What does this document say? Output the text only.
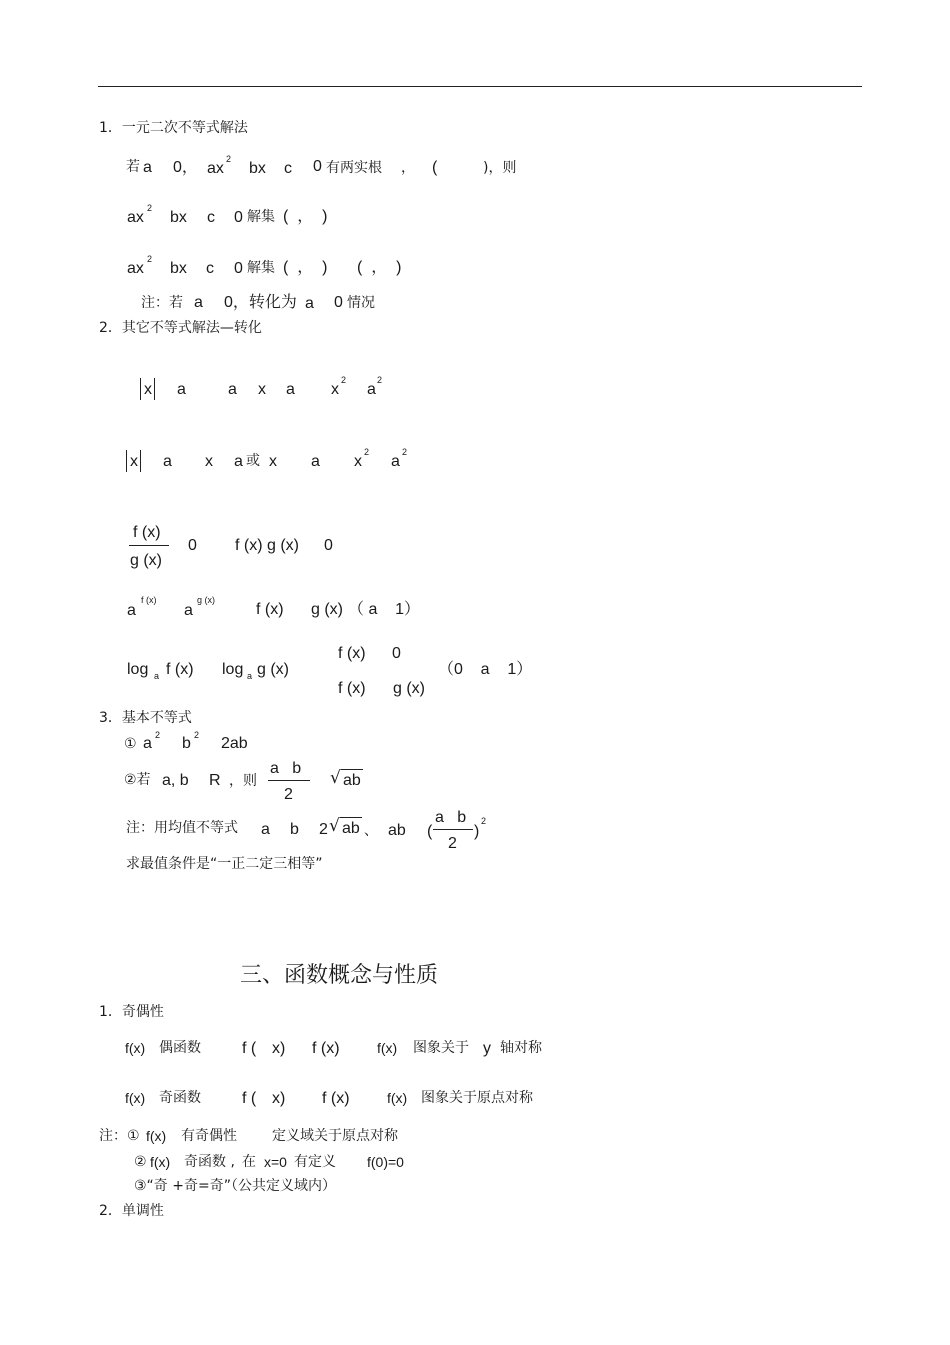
1．一元二次不等式解法
若 a 0， ax
2
bx c 0 有两实根 ， (	)，则
ax
2
bx c 0 解集 (  ，  )
ax
2
bx c 0 解集 (  ，  ) (  ，  )
注：若 a 0，转化为 a 0 情况
2．其它不等式解法—转化
x a	a x a x
2
a
2
x a x a 或 x a x
2
a
2
f (x)
g (x)
0 f (x) g (x) 0
a
f (x)
a
g (x)
f (x) g (x) （ a    1）
log a f (x) log a g (x)
f (x) 0
f (x) g (x)
（0    a    1）
3．基本不等式
① a 2 b 2 2ab
②若 a, b R ，则
a   b
2
√ ab
注：用均值不等式 a b 2 √ ab 、 ab (
a   b
2
)
2
求最值条件是“一正二定三相等”
三、函数概念与性质
1．奇偶性
f(x) 偶函数	f ( x) f (x)	f(x) 图象关于 y 轴对称
f(x) 奇函数	f ( x) f (x)	f(x) 图象关于原点对称
注：① f(x) 有奇偶性	定义域关于原点对称
② f(x) 奇函数 , 在 x=0 有定义 f(0)=0
③“奇 +奇=奇”（公共定义域内）
2．单调性
